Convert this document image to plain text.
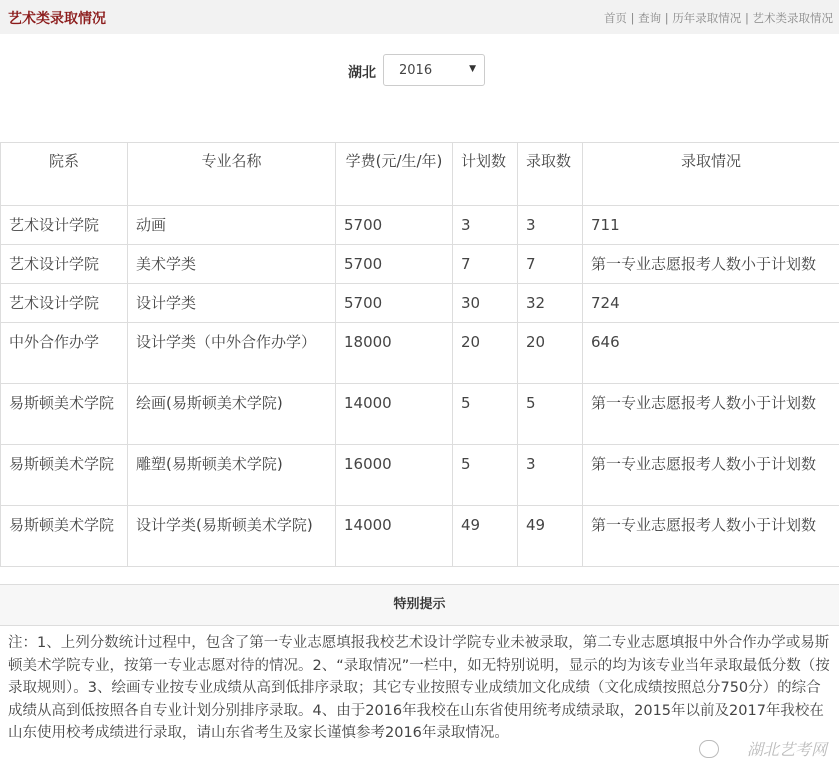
艺术类录取情况	首页 | 查询 | 历年录取情况 | 艺术类录取情况
湖北 2016	▼
院系	专业名称	学费(元/生/年)	计划数	录取数	录取情况
艺术设计学院	动画	5700	3	3	711
艺术设计学院	美术学类	5700	7	7	第一专业志愿报考人数小于计划数
艺术设计学院	设计学类	5700	30	32	724
中外合作办学	设计学类（中外合作办学）	18000	20	20	646
易斯顿美术学院	绘画(易斯顿美术学院)	14000	5	5	第一专业志愿报考人数小于计划数
易斯顿美术学院	雕塑(易斯顿美术学院)	16000	5	3	第一专业志愿报考人数小于计划数
易斯顿美术学院	设计学类(易斯顿美术学院)	14000	49	49	第一专业志愿报考人数小于计划数
特别提示
注：1、上列分数统计过程中，包含了第一专业志愿填报我校艺术设计学院专业未被录取，第二专业志愿填报中外合作办学或易斯顿美术学院专业，按第一专业志愿对待的情况。2、“录取情况”一栏中，如无特别说明，显示的均为该专业当年录取最低分数（按录取规则）。3、绘画专业按专业成绩从高到低排序录取；其它专业按照专业成绩加文化成绩（文化成绩按照总分750分）的综合成绩从高到低按照各自专业计划分别排序录取。4、由于2016年我校在山东省使用统考成绩录取，2015年以前及2017年我校在山东使用校考成绩进行录取，请山东省考生及家长谨慎参考2016年录取情况。
湖北艺考网
